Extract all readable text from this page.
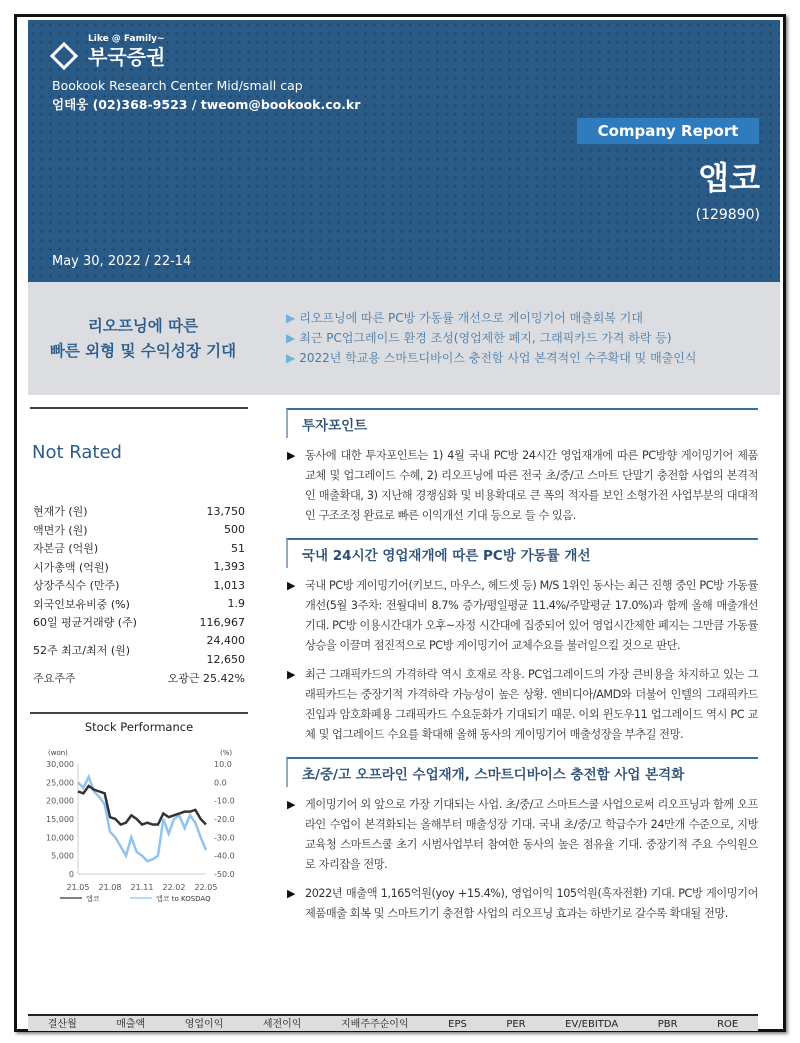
Like @ Family~
부국증권
Bookook Research Center Mid/small cap
엄태웅 (02)368-9523 / tweom@bookook.co.kr
Company Report
앱코
(129890)
May 30, 2022 / 22-14
리오프닝에 따른
빠른 외형 및 수익성장 기대
▶ 리오프닝에 따른 PC방 가동률 개선으로 게이밍기어 매출회복 기대
▶ 최근 PC업그레이드 환경 조성(영업제한 폐지, 그래픽카드 가격 하락 등)
▶ 2022년 학교용 스마트디바이스 충전함 사업 본격적인 수주확대 및 매출인식
Not Rated
현재가 (원)	13,750
액면가 (원)	500
자본금 (억원)	51
시가총액 (억원)	1,393
상장주식수 (만주)	1,013
외국인보유비중 (%)	1.9
60일 평균거래량 (주)	116,967
52주 최고/최저 (원)	24,400
	12,650
주요주주	오광근 25.42%
Stock Performance
(won)	(%)
30,000
25,000
20,000
15,000
10,000
5,000
0
10.0
0.0
-10.0
-20.0
-30.0
-40.0
-50.0
21.05 21.08 21.11 22.02 22.05
앱코	앱코 to KOSDAQ
투자포인트
▶ 동사에 대한 투자포인트는 1) 4월 국내 PC방 24시간 영업재개에 따른 PC방향 게이밍기어 제품 교체 및 업그레이드 수혜, 2) 리오프닝에 따른 전국 초/중/고 스마트 단말기 충전함 사업의 본격적인 매출확대, 3) 지난해 경쟁심화 및 비용확대로 큰 폭의 적자를 보인 소형가전 사업부분의 대대적인 구조조정 완료로 빠른 이익개선 기대 등으로 들 수 있음.
국내 24시간 영업재개에 따른 PC방 가동률 개선
▶ 국내 PC방 게이밍기어(키보드, 마우스, 헤드셋 등) M/S 1위인 동사는 최근 진행 중인 PC방 가동률 개선(5월 3주차: 전월대비 8.7% 증가/평일평균 11.4%/주말평균 17.0%)과 함께 올해 매출개선기대. PC방 이용시간대가 오후~자정 시간대에 집중되어 있어 영업시간제한 폐지는 그만큼 가동률 상승을 이끌며 점진적으로 PC방 게이밍기어 교체수요를 불러일으킬 것으로 판단.
▶ 최근 그래픽카드의 가격하락 역시 호재로 작용. PC업그레이드의 가장 큰비용을 차지하고 있는 그래픽카드는 중장기적 가격하락 가능성이 높은 상황. 엔비디아/AMD와 더불어 인텔의 그래픽카드 진입과 암호화폐용 그래픽카드 수요둔화가 기대되기 때문. 이외 윈도우11 업그레이드 역시 PC 교체 및 업그레이드 수요를 확대해 올해 동사의 게이밍기어 매출성장을 부추길 전망.
초/중/고 오프라인 수업재개, 스마트디바이스 충전함 사업 본격화
▶ 게이밍기어 외 앞으로 가장 기대되는 사업. 초/중/고 스마트스쿨 사업으로써 리오프닝과 함께 오프라인 수업이 본격화되는 올해부터 매출성장 기대. 국내 초/중/고 학급수가 24만개 수준으로, 지방교육청 스마트스쿨 초기 시범사업부터 참여한 동사의 높은 점유율 기대. 중장기적 주요 수익원으로 자리잡을 전망.
▶ 2022년 매출액 1,165억원(yoy +15.4%), 영업이익 105억원(흑자전환) 기대. PC방 게이밍기어 제품매출 회복 및 스마트기기 충전함 사업의 리오프닝 효과는 하반기로 갈수록 확대될 전망.
결산월	매출액	영업이익	세전이익	지배주주순이익	EPS	PER	EV/EBITDA	PBR	ROE
